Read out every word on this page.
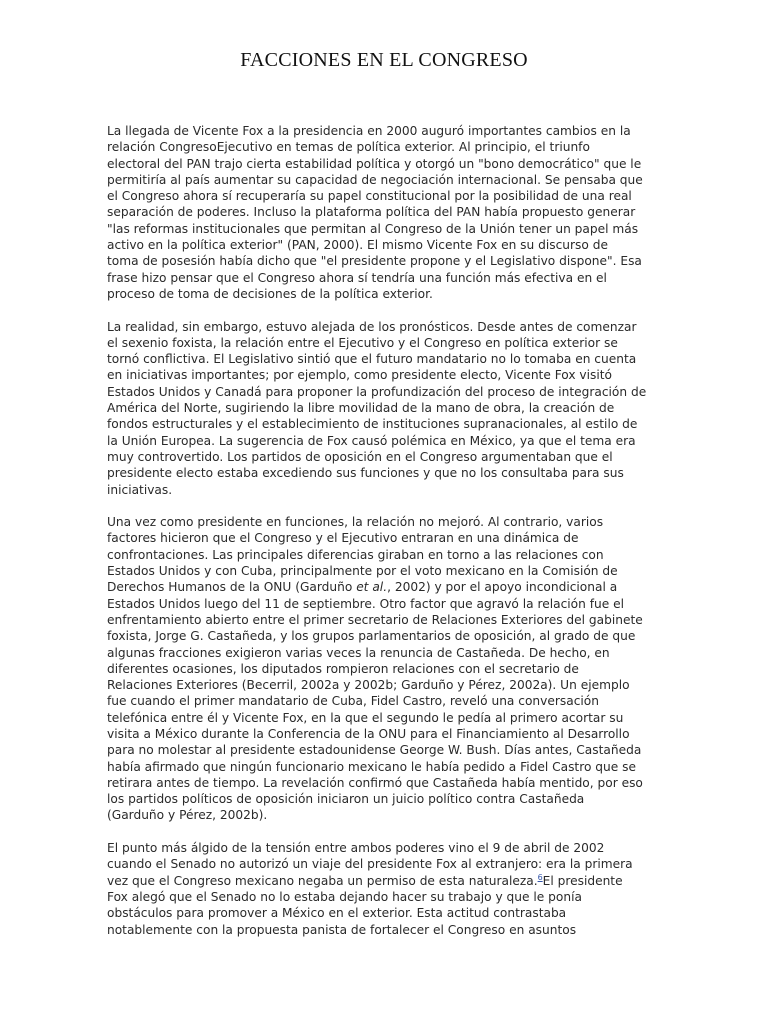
FACCIONES EN EL CONGRESO
La llegada de Vicente Fox a la presidencia en 2000 auguró importantes cambios en la
relación CongresoEjecutivo en temas de política exterior. Al principio, el triunfo
electoral del PAN trajo cierta estabilidad política y otorgó un "bono democrático" que le
permitiría al país aumentar su capacidad de negociación internacional. Se pensaba que
el Congreso ahora sí recuperaría su papel constitucional por la posibilidad de una real
separación de poderes. Incluso la plataforma política del PAN había propuesto generar
"las reformas institucionales que permitan al Congreso de la Unión tener un papel más
activo en la política exterior" (PAN, 2000). El mismo Vicente Fox en su discurso de
toma de posesión había dicho que "el presidente propone y el Legislativo dispone". Esa
frase hizo pensar que el Congreso ahora sí tendría una función más efectiva en el
proceso de toma de decisiones de la política exterior.
La realidad, sin embargo, estuvo alejada de los pronósticos. Desde antes de comenzar
el sexenio foxista, la relación entre el Ejecutivo y el Congreso en política exterior se
tornó conflictiva. El Legislativo sintió que el futuro mandatario no lo tomaba en cuenta
en iniciativas importantes; por ejemplo, como presidente electo, Vicente Fox visitó
Estados Unidos y Canadá para proponer la profundización del proceso de integración de
América del Norte, sugiriendo la libre movilidad de la mano de obra, la creación de
fondos estructurales y el establecimiento de instituciones supranacionales, al estilo de
la Unión Europea. La sugerencia de Fox causó polémica en México, ya que el tema era
muy controvertido. Los partidos de oposición en el Congreso argumentaban que el
presidente electo estaba excediendo sus funciones y que no los consultaba para sus
iniciativas.
Una vez como presidente en funciones, la relación no mejoró. Al contrario, varios
factores hicieron que el Congreso y el Ejecutivo entraran en una dinámica de
confrontaciones. Las principales diferencias giraban en torno a las relaciones con
Estados Unidos y con Cuba, principalmente por el voto mexicano en la Comisión de
Derechos Humanos de la ONU (Garduño et al., 2002) y por el apoyo incondicional a
Estados Unidos luego del 11 de septiembre. Otro factor que agravó la relación fue el
enfrentamiento abierto entre el primer secretario de Relaciones Exteriores del gabinete
foxista, Jorge G. Castañeda, y los grupos parlamentarios de oposición, al grado de que
algunas fracciones exigieron varias veces la renuncia de Castañeda. De hecho, en
diferentes ocasiones, los diputados rompieron relaciones con el secretario de
Relaciones Exteriores (Becerril, 2002a y 2002b; Garduño y Pérez, 2002a). Un ejemplo
fue cuando el primer mandatario de Cuba, Fidel Castro, reveló una conversación
telefónica entre él y Vicente Fox, en la que el segundo le pedía al primero acortar su
visita a México durante la Conferencia de la ONU para el Financiamiento al Desarrollo
para no molestar al presidente estadounidense George W. Bush. Días antes, Castañeda
había afirmado que ningún funcionario mexicano le había pedido a Fidel Castro que se
retirara antes de tiempo. La revelación confirmó que Castañeda había mentido, por eso
los partidos políticos de oposición iniciaron un juicio político contra Castañeda
(Garduño y Pérez, 2002b).
El punto más álgido de la tensión entre ambos poderes vino el 9 de abril de 2002
cuando el Senado no autorizó un viaje del presidente Fox al extranjero: era la primera
vez que el Congreso mexicano negaba un permiso de esta naturaleza.$^6$El presidente
Fox alegó que el Senado no lo estaba dejando hacer su trabajo y que le ponía
obstáculos para promover a México en el exterior. Esta actitud contrastaba
notablemente con la propuesta panista de fortalecer el Congreso en asuntos
